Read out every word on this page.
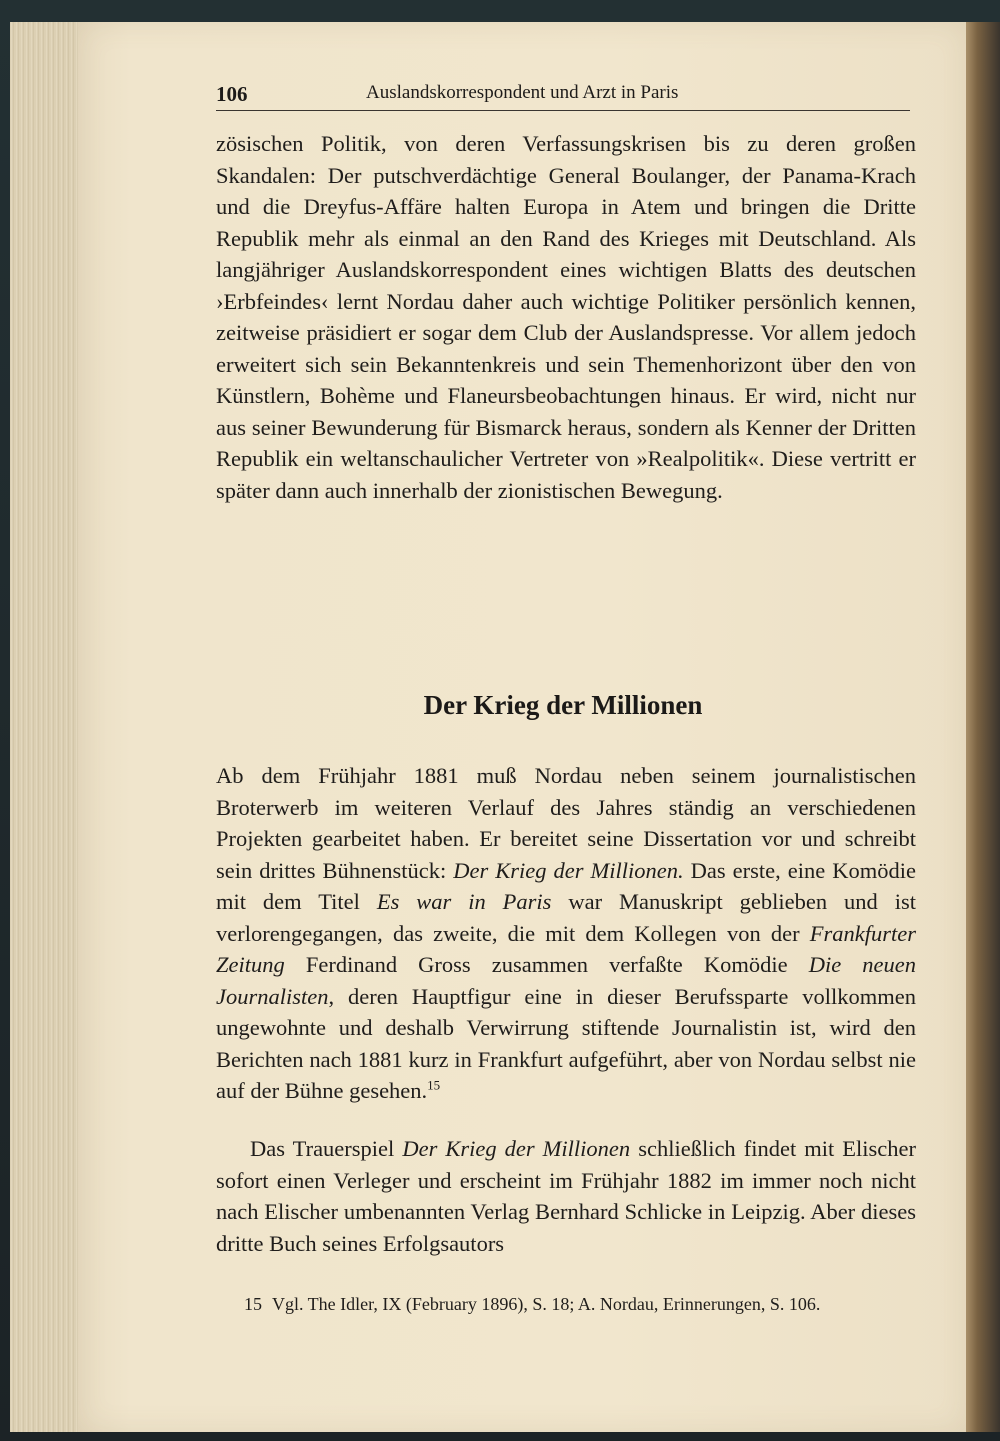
106	Auslandskorrespondent und Arzt in Paris

zösischen Politik, von deren Verfassungskrisen bis zu deren großen Skandalen: Der putschverdächtige General Boulanger, der Panama-Krach und die Dreyfus-Affäre halten Europa in Atem und bringen die Dritte Republik mehr als einmal an den Rand des Krieges mit Deutschland. Als langjähriger Auslandskorrespondent eines wichtigen Blatts des deutschen ›Erbfeindes‹ lernt Nordau daher auch wichtige Politiker persönlich kennen, zeitweise präsidiert er sogar dem Club der Auslandspresse. Vor allem jedoch erweitert sich sein Bekanntenkreis und sein Themenhorizont über den von Künstlern, Bohème und Flaneursbeobachtungen hinaus. Er wird, nicht nur aus seiner Bewunderung für Bismarck heraus, sondern als Kenner der Dritten Republik ein weltanschaulicher Vertreter von »Realpolitik«. Diese vertritt er später dann auch innerhalb der zionistischen Bewegung.

Der Krieg der Millionen

Ab dem Frühjahr 1881 muß Nordau neben seinem journalistischen Broterwerb im weiteren Verlauf des Jahres ständig an verschiedenen Projekten gearbeitet haben. Er bereitet seine Dissertation vor und schreibt sein drittes Bühnenstück: Der Krieg der Millionen. Das erste, eine Komödie mit dem Titel Es war in Paris war Manuskript geblieben und ist verlorengegangen, das zweite, die mit dem Kollegen von der Frankfurter Zeitung Ferdinand Gross zusammen verfaßte Komödie Die neuen Journalisten, deren Hauptfigur eine in dieser Berufssparte vollkommen ungewohnte und deshalb Verwirrung stiftende Journalistin ist, wird den Berichten nach 1881 kurz in Frankfurt aufgeführt, aber von Nordau selbst nie auf der Bühne gesehen.$^{15}$

Das Trauerspiel Der Krieg der Millionen schließlich findet mit Elischer sofort einen Verleger und erscheint im Frühjahr 1882 im immer noch nicht nach Elischer umbenannten Verlag Bernhard Schlicke in Leipzig. Aber dieses dritte Buch seines Erfolgsautors

15 Vgl. The Idler, IX (February 1896), S. 18; A. Nordau, Erinnerungen, S. 106.
